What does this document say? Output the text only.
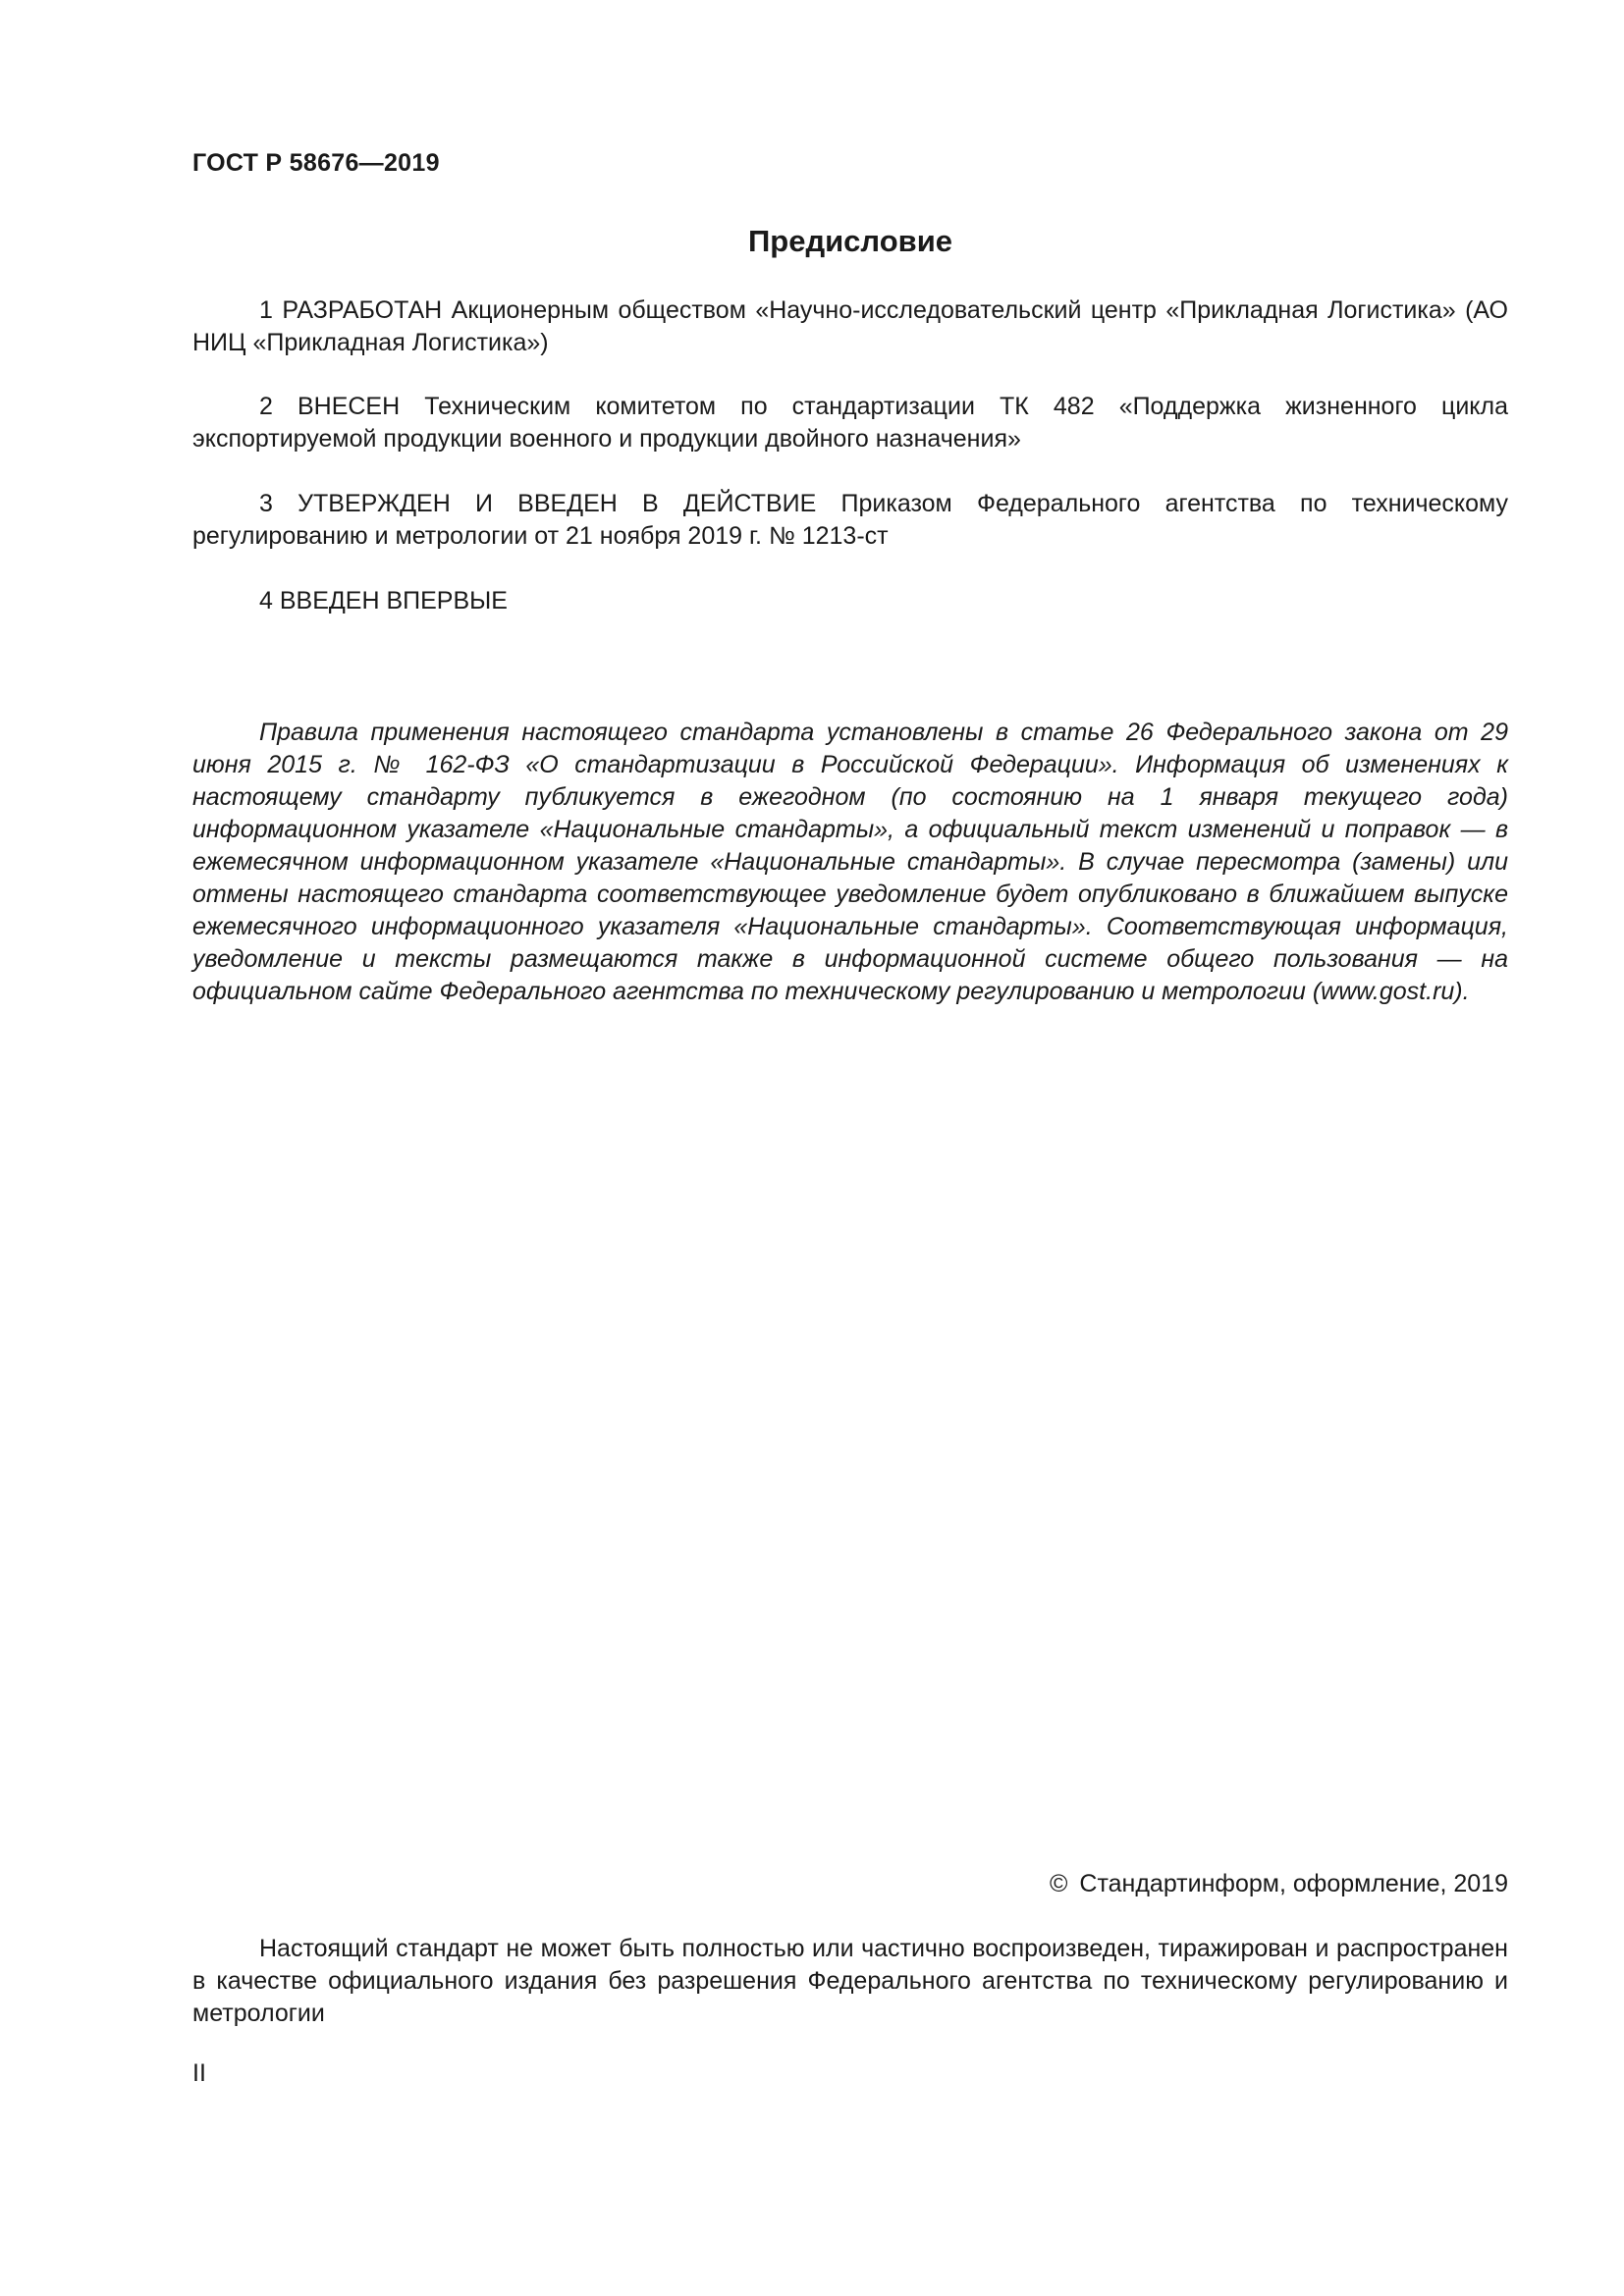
ГОСТ Р 58676—2019
Предисловие

1 РАЗРАБОТАН Акционерным обществом «Научно-исследовательский центр «Прикладная Логистика» (АО НИЦ «Прикладная Логистика»)

2 ВНЕСЕН Техническим комитетом по стандартизации ТК 482 «Поддержка жизненного цикла экспортируемой продукции военного и продукции двойного назначения»

3 УТВЕРЖДЕН И ВВЕДЕН В ДЕЙСТВИЕ Приказом Федерального агентства по техническому регулированию и метрологии от 21 ноября 2019 г. № 1213-ст

4 ВВЕДЕН ВПЕРВЫЕ

Правила применения настоящего стандарта установлены в статье 26 Федерального закона от 29 июня 2015 г. № 162-ФЗ «О стандартизации в Российской Федерации». Информация об изменениях к настоящему стандарту публикуется в ежегодном (по состоянию на 1 января текущего года) информационном указателе «Национальные стандарты», а официальный текст изменений и поправок — в ежемесячном информационном указателе «Национальные стандарты». В случае пересмотра (замены) или отмены настоящего стандарта соответствующее уведомление будет опубликовано в ближайшем выпуске ежемесячного информационного указателя «Национальные стандарты». Соответствующая информация, уведомление и тексты размещаются также в информационной системе общего пользования — на официальном сайте Федерального агентства по техническому регулированию и метрологии (www.gost.ru).

© Стандартинформ, оформление, 2019

Настоящий стандарт не может быть полностью или частично воспроизведен, тиражирован и распространен в качестве официального издания без разрешения Федерального агентства по техническому регулированию и метрологии

II
